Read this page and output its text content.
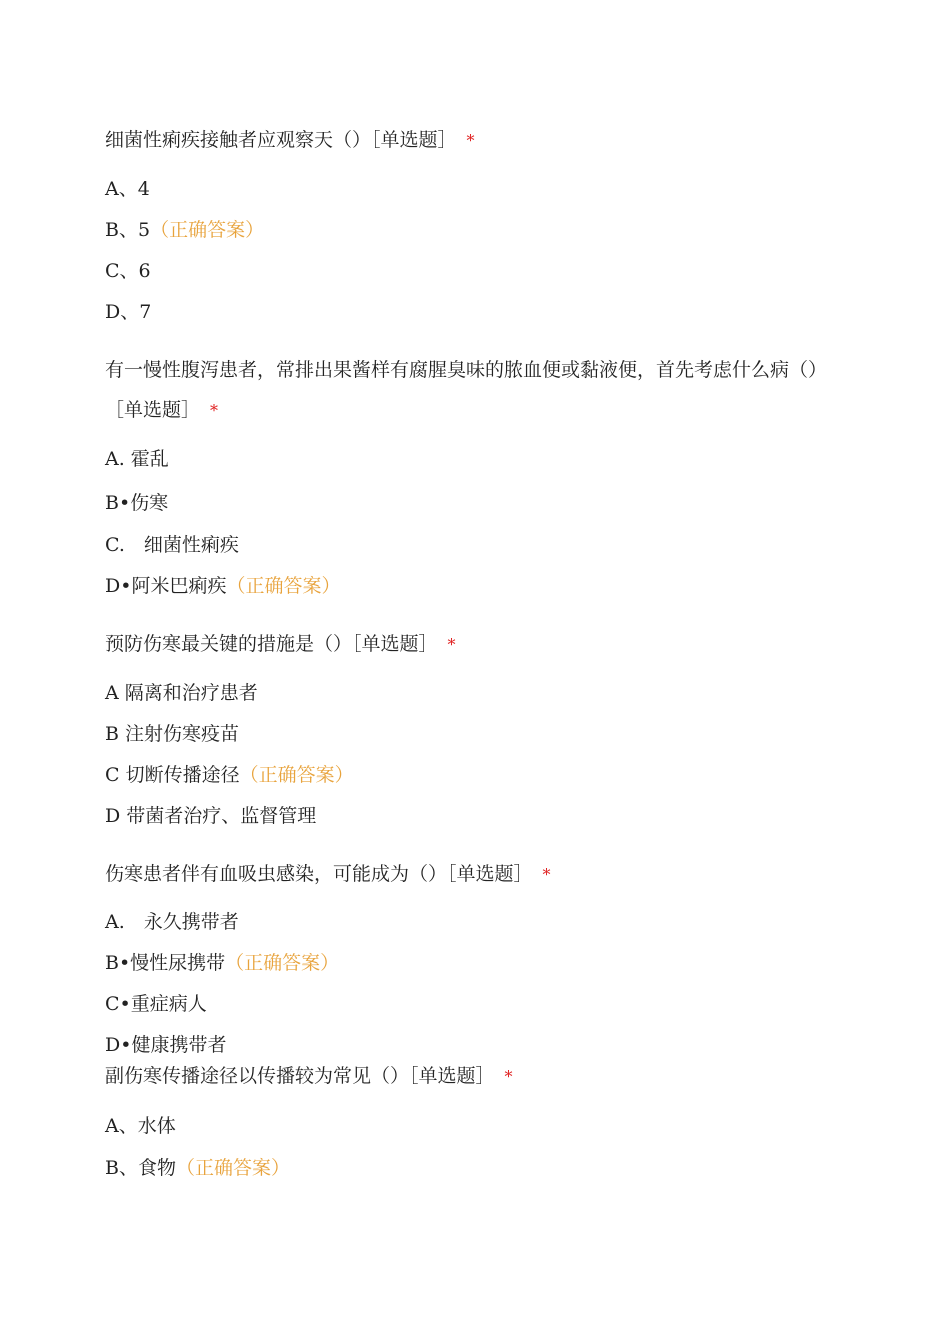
细菌性痢疾接触者应观察天（）［单选题］ *
A、4
B、5（正确答案）
C、6
D、7
有一慢性腹泻患者，常排出果酱样有腐腥臭味的脓血便或黏液便，首先考虑什么病（）［单选题］ *
A. 霍乱
B•伤寒
C.　细菌性痢疾
D•阿米巴痢疾（正确答案）
预防伤寒最关键的措施是（）［单选题］ *
A 隔离和治疗患者
B 注射伤寒疫苗
C 切断传播途径（正确答案）
D 带菌者治疗、监督管理
伤寒患者伴有血吸虫感染，可能成为（）［单选题］ *
A.　永久携带者
B•慢性尿携带（正确答案）
C•重症病人
D•健康携带者
副伤寒传播途径以传播较为常见（）［单选题］ *
A、水体
B、食物（正确答案）
